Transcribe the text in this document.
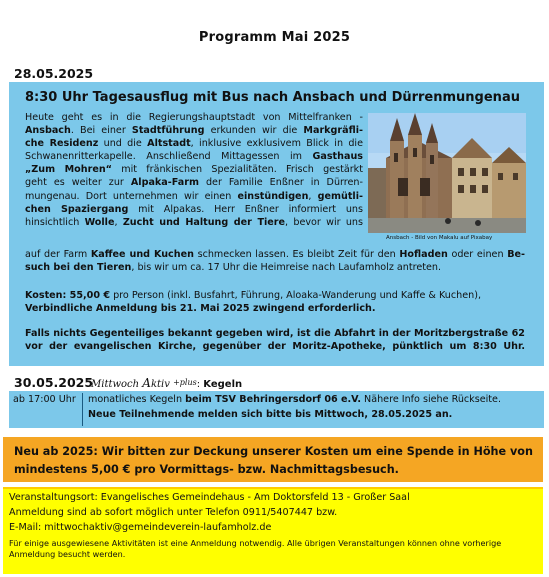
Programm Mai 2025
28.05.2025
8:30 Uhr Tagesausflug mit Bus nach Ansbach und Dürrenmungenau
Ansbach - Bild von Makalu auf Pixabay
Heute geht es in die Regierungshauptstadt von Mittelfranken -
Ansbach. Bei einer Stadtführung erkunden wir die Markgräfli-
che Residenz und die Altstadt, inklusive exklusivem Blick in die
Schwanenritterkapelle. Anschließend Mittagessen im Gasthaus
„Zum Mohren“ mit fränkischen Spezialitäten. Frisch gestärkt
geht es weiter zur Alpaka-Farm der Familie Enßner in Dürren-
mungenau. Dort unternehmen wir einen einstündigen, gemütli-
chen Spaziergang mit Alpakas. Herr Enßner informiert uns
hinsichtlich Wolle, Zucht und Haltung der Tiere, bevor wir uns
auf der Farm Kaffee und Kuchen schmecken lassen. Es bleibt Zeit für den Hofladen oder einen Be-
such bei den Tieren, bis wir um ca. 17 Uhr die Heimreise nach Laufamholz antreten.
Kosten: 55,00 € pro Person (inkl. Busfahrt, Führung, Aloaka-Wanderung und Kaffe & Kuchen),
Verbindliche Anmeldung bis 21. Mai 2025 zwingend erforderlich.
Falls nichts Gegenteiliges bekannt gegeben wird, ist die Abfahrt in der Moritzbergstraße 62
vor der evangelischen Kirche, gegenüber der Moritz-Apotheke, pünktlich um 8:30 Uhr.
30.05.2025
Mittwoch Aktiv $^{+plus}$: Kegeln
ab 17:00 Uhr monatliches Kegeln beim TSV Behringersdorf 06 e.V. Nähere Info siehe Rückseite.
Neue Teilnehmende melden sich bitte bis Mittwoch, 28.05.2025 an.
Neu ab 2025: Wir bitten zur Deckung unserer Kosten um eine Spende in Höhe von
mindestens 5,00 € pro Vormittags- bzw. Nachmittagsbesuch.
Veranstaltungsort: Evangelisches Gemeindehaus - Am Doktorsfeld 13 - Großer Saal
Anmeldung sind ab sofort möglich unter Telefon 0911/5407447 bzw.
E-Mail: mittwochaktiv@gemeindeverein-laufamholz.de
Für einige ausgewiesene Aktivitäten ist eine Anmeldung notwendig. Alle übrigen Veranstaltungen können ohne vorherige Anmeldung besucht werden.
